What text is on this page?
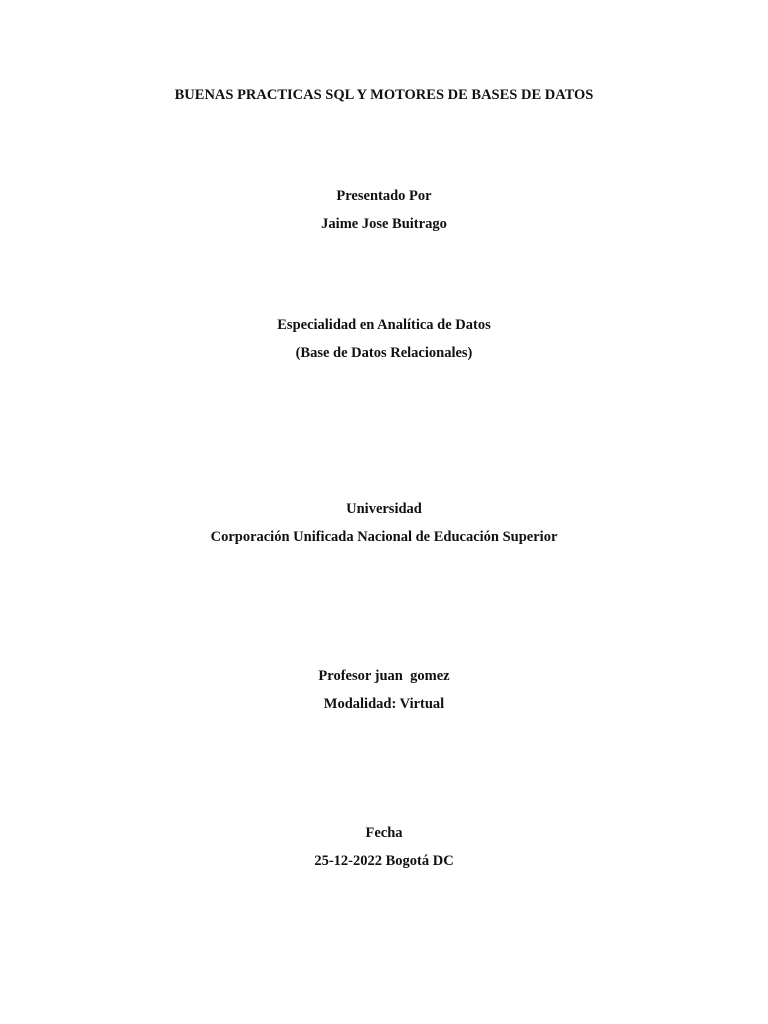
BUENAS PRACTICAS SQL Y MOTORES DE BASES DE DATOS
Presentado Por
Jaime Jose Buitrago
Especialidad en Analítica de Datos
(Base de Datos Relacionales)
Universidad
Corporación Unificada Nacional de Educación Superior
Profesor juan  gomez
Modalidad: Virtual
Fecha
25-12-2022 Bogotá DC
